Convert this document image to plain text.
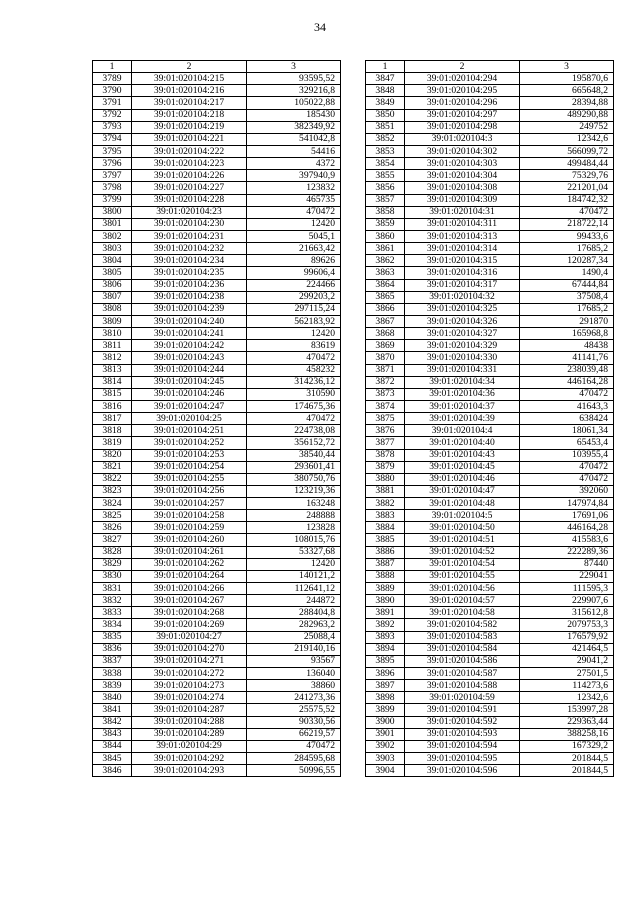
34
1	2	3
3789	39:01:020104:215	93595,52
3790	39:01:020104:216	329216,8
3791	39:01:020104:217	105022,88
3792	39:01:020104:218	185430
3793	39:01:020104:219	382349,92
3794	39:01:020104:221	541042,8
3795	39:01:020104:222	54416
3796	39:01:020104:223	4372
3797	39:01:020104:226	397940,9
3798	39:01:020104:227	123832
3799	39:01:020104:228	465735
3800	39:01:020104:23	470472
3801	39:01:020104:230	12420
3802	39:01:020104:231	5045,1
3803	39:01:020104:232	21663,42
3804	39:01:020104:234	89626
3805	39:01:020104:235	99606,4
3806	39:01:020104:236	224466
3807	39:01:020104:238	299203,2
3808	39:01:020104:239	297115,24
3809	39:01:020104:240	562183,92
3810	39:01:020104:241	12420
3811	39:01:020104:242	83619
3812	39:01:020104:243	470472
3813	39:01:020104:244	458232
3814	39:01:020104:245	314236,12
3815	39:01:020104:246	310590
3816	39:01:020104:247	174675,36
3817	39:01:020104:25	470472
3818	39:01:020104:251	224738,08
3819	39:01:020104:252	356152,72
3820	39:01:020104:253	38540,44
3821	39:01:020104:254	293601,41
3822	39:01:020104:255	380750,76
3823	39:01:020104:256	123219,36
3824	39:01:020104:257	163248
3825	39:01:020104:258	248888
3826	39:01:020104:259	123828
3827	39:01:020104:260	108015,76
3828	39:01:020104:261	53327,68
3829	39:01:020104:262	12420
3830	39:01:020104:264	140121,2
3831	39:01:020104:266	112641,12
3832	39:01:020104:267	244872
3833	39:01:020104:268	288404,8
3834	39:01:020104:269	282963,2
3835	39:01:020104:27	25088,4
3836	39:01:020104:270	219140,16
3837	39:01:020104:271	93567
3838	39:01:020104:272	136040
3839	39:01:020104:273	38860
3840	39:01:020104:274	241273,36
3841	39:01:020104:287	25575,52
3842	39:01:020104:288	90330,56
3843	39:01:020104:289	66219,57
3844	39:01:020104:29	470472
3845	39:01:020104:292	284595,68
3846	39:01:020104:293	50996,55
1	2	3
3847	39:01:020104:294	195870,6
3848	39:01:020104:295	665648,2
3849	39:01:020104:296	28394,88
3850	39:01:020104:297	489290,88
3851	39:01:020104:298	249752
3852	39:01:020104:3	12342,6
3853	39:01:020104:302	566099,72
3854	39:01:020104:303	499484,44
3855	39:01:020104:304	75329,76
3856	39:01:020104:308	221201,04
3857	39:01:020104:309	184742,32
3858	39:01:020104:31	470472
3859	39:01:020104:311	218722,14
3860	39:01:020104:313	99433,6
3861	39:01:020104:314	17685,2
3862	39:01:020104:315	120287,34
3863	39:01:020104:316	1490,4
3864	39:01:020104:317	67444,84
3865	39:01:020104:32	37508,4
3866	39:01:020104:325	17685,2
3867	39:01:020104:326	291870
3868	39:01:020104:327	165968,8
3869	39:01:020104:329	48438
3870	39:01:020104:330	41141,76
3871	39:01:020104:331	238039,48
3872	39:01:020104:34	446164,28
3873	39:01:020104:36	470472
3874	39:01:020104:37	41643,3
3875	39:01:020104:39	638424
3876	39:01:020104:4	18061,34
3877	39:01:020104:40	65453,4
3878	39:01:020104:43	103955,4
3879	39:01:020104:45	470472
3880	39:01:020104:46	470472
3881	39:01:020104:47	392060
3882	39:01:020104:48	147974,84
3883	39:01:020104:5	17691,06
3884	39:01:020104:50	446164,28
3885	39:01:020104:51	415583,6
3886	39:01:020104:52	222289,36
3887	39:01:020104:54	87440
3888	39:01:020104:55	229041
3889	39:01:020104:56	111595,3
3890	39:01:020104:57	229907,6
3891	39:01:020104:58	315612,8
3892	39:01:020104:582	2079753,3
3893	39:01:020104:583	176579,92
3894	39:01:020104:584	421464,5
3895	39:01:020104:586	29041,2
3896	39:01:020104:587	27501,5
3897	39:01:020104:588	114273,6
3898	39:01:020104:59	12342,6
3899	39:01:020104:591	153997,28
3900	39:01:020104:592	229363,44
3901	39:01:020104:593	388258,16
3902	39:01:020104:594	167329,2
3903	39:01:020104:595	201844,5
3904	39:01:020104:596	201844,5
